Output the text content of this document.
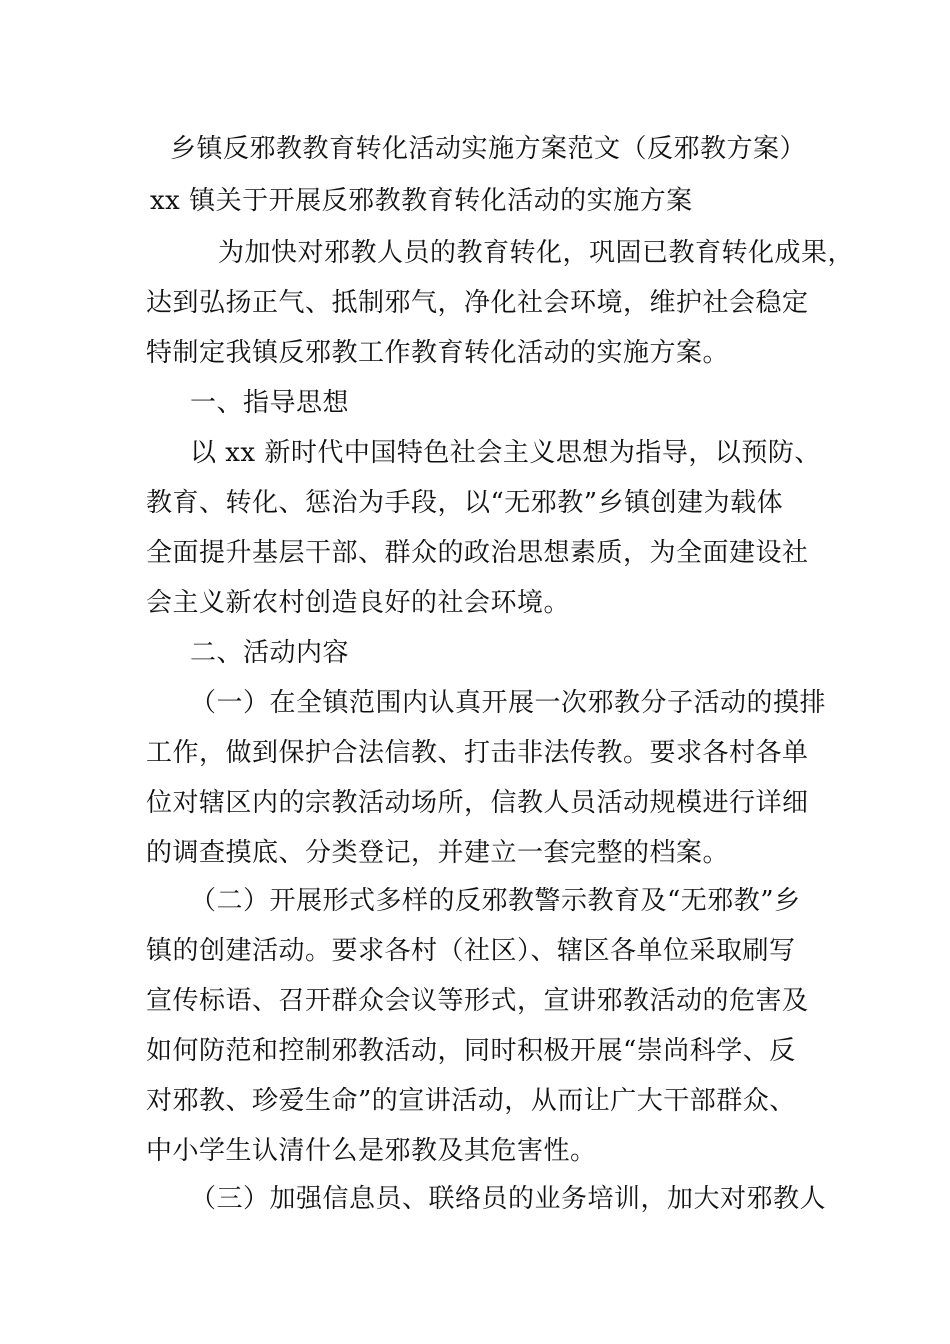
乡镇反邪教教育转化活动实施方案范文（反邪教方案）
xx 镇关于开展反邪教教育转化活动的实施方案
为加快对邪教人员的教育转化，巩固已教育转化成果，
达到弘扬正气、抵制邪气，净化社会环境，维护社会稳定
特制定我镇反邪教工作教育转化活动的实施方案。
一、指导思想
以 xx 新时代中国特色社会主义思想为指导，以预防、
教育、转化、惩治为手段，以“无邪教”乡镇创建为载体
全面提升基层干部、群众的政治思想素质，为全面建设社
会主义新农村创造良好的社会环境。
二、活动内容
（一）在全镇范围内认真开展一次邪教分子活动的摸排
工作，做到保护合法信教、打击非法传教。要求各村各单
位对辖区内的宗教活动场所，信教人员活动规模进行详细
的调查摸底、分类登记，并建立一套完整的档案。
（二）开展形式多样的反邪教警示教育及“无邪教”乡
镇的创建活动。要求各村（社区）、辖区各单位采取刷写
宣传标语、召开群众会议等形式，宣讲邪教活动的危害及
如何防范和控制邪教活动，同时积极开展“崇尚科学、反
对邪教、珍爱生命”的宣讲活动，从而让广大干部群众、
中小学生认清什么是邪教及其危害性。
（三）加强信息员、联络员的业务培训，加大对邪教人
